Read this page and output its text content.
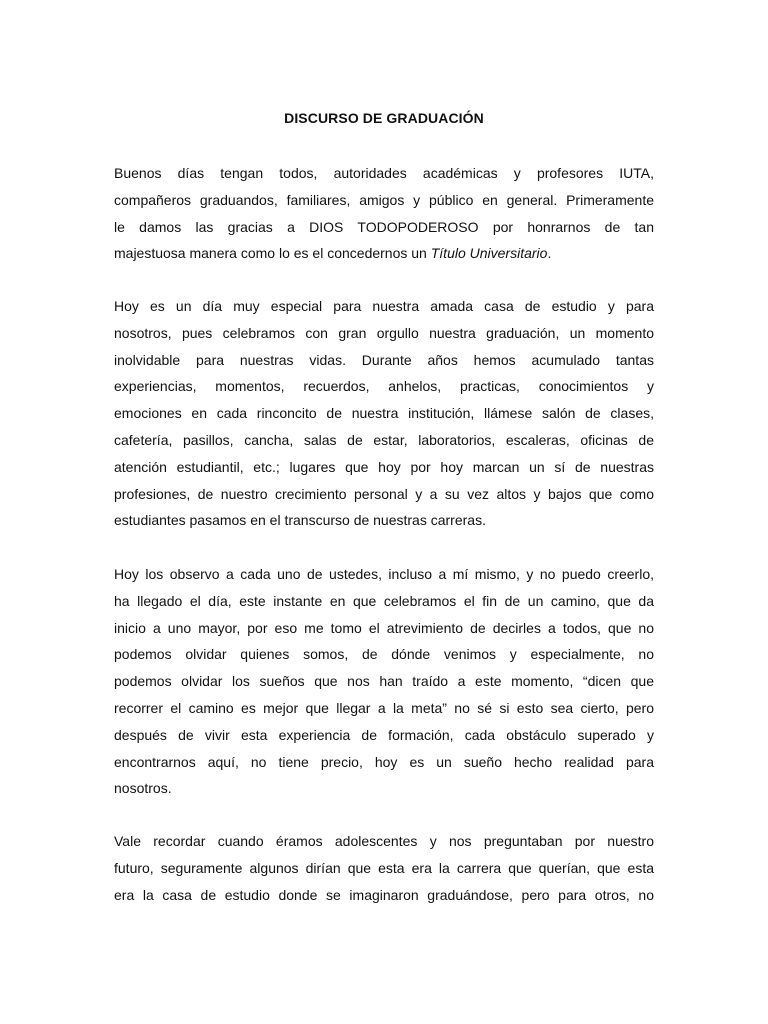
DISCURSO DE GRADUACIÓN
Buenos días tengan todos, autoridades académicas y profesores IUTA,
compañeros graduandos, familiares, amigos y público en general. Primeramente
le damos las gracias a DIOS TODOPODEROSO por honrarnos de tan
majestuosa manera como lo es el concedernos un Título Universitario.
Hoy es un día muy especial para nuestra amada casa de estudio y para
nosotros, pues celebramos con gran orgullo nuestra graduación, un momento
inolvidable para nuestras vidas. Durante años hemos acumulado tantas
experiencias, momentos, recuerdos, anhelos, practicas, conocimientos y
emociones en cada rinconcito de nuestra institución, llámese salón de clases,
cafetería, pasillos, cancha, salas de estar, laboratorios, escaleras, oficinas de
atención estudiantil, etc.; lugares que hoy por hoy marcan un sí de nuestras
profesiones, de nuestro crecimiento personal y a su vez altos y bajos que como
estudiantes pasamos en el transcurso de nuestras carreras.
Hoy los observo a cada uno de ustedes, incluso a mí mismo, y no puedo creerlo,
ha llegado el día, este instante en que celebramos el fin de un camino, que da
inicio a uno mayor, por eso me tomo el atrevimiento de decirles a todos, que no
podemos olvidar quienes somos, de dónde venimos y especialmente, no
podemos olvidar los sueños que nos han traído a este momento, “dicen que
recorrer el camino es mejor que llegar a la meta” no sé si esto sea cierto, pero
después de vivir esta experiencia de formación, cada obstáculo superado y
encontrarnos aquí, no tiene precio, hoy es un sueño hecho realidad para
nosotros.
Vale recordar cuando éramos adolescentes y nos preguntaban por nuestro
futuro, seguramente algunos dirían que esta era la carrera que querían, que esta
era la casa de estudio donde se imaginaron graduándose, pero para otros, no
